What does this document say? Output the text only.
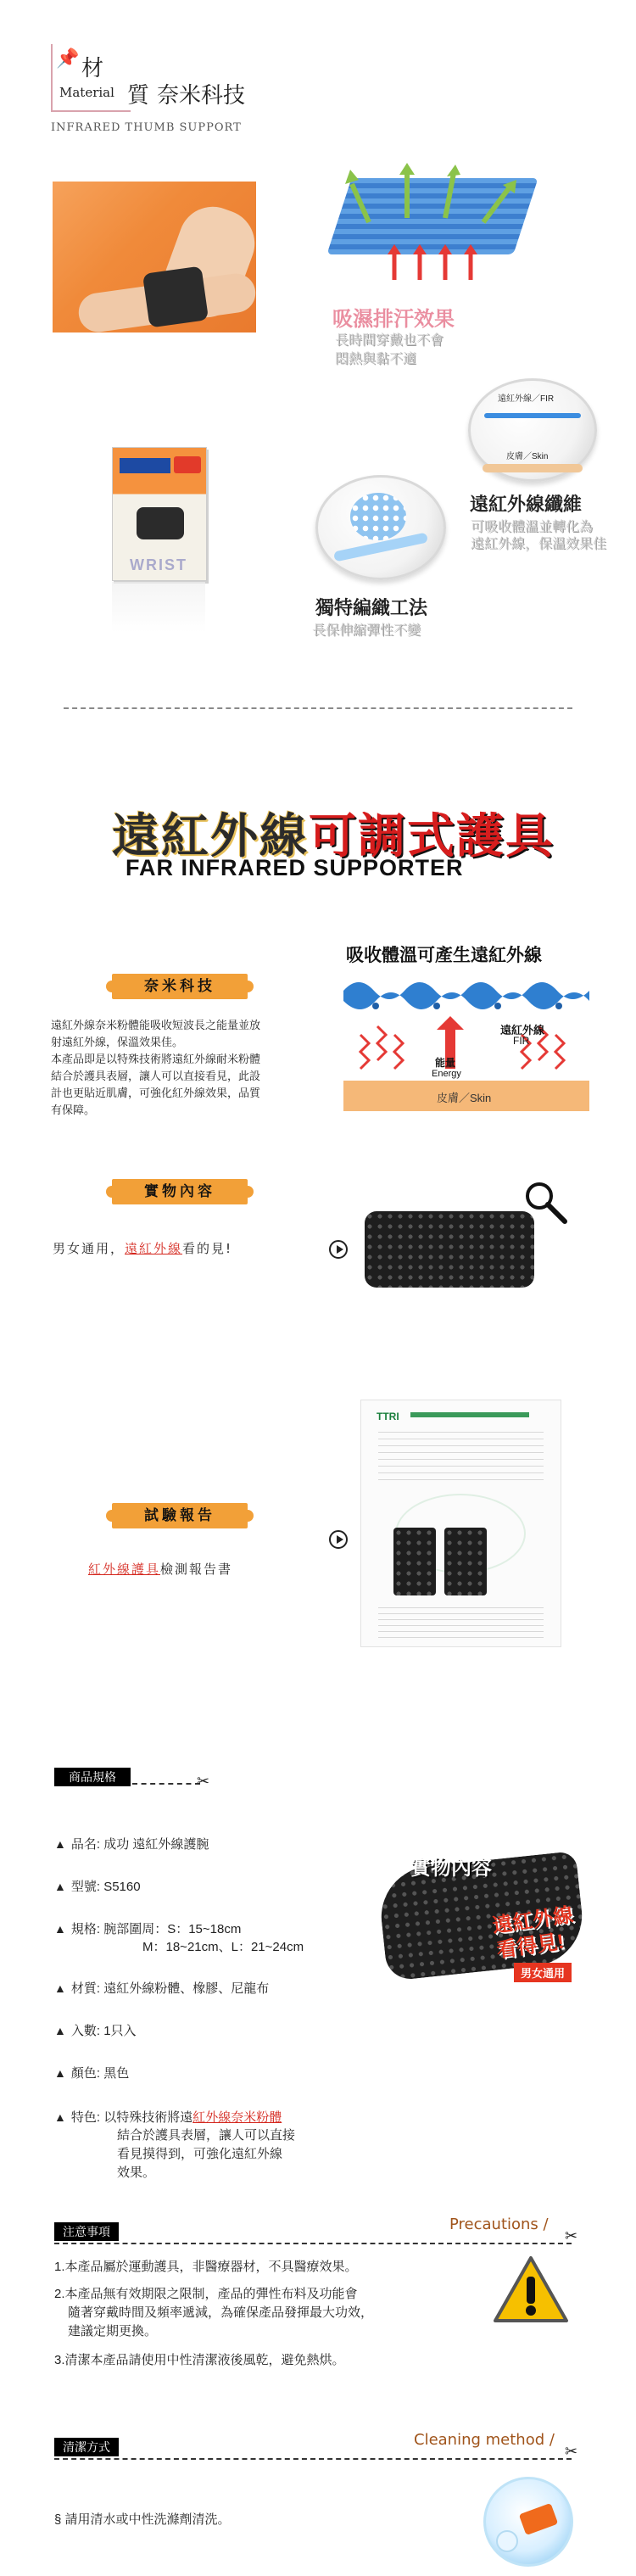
📌 材
Material 質 奈米科技
INFRARED THUMB SUPPORT
吸濕排汗效果
長時間穿戴也不會
悶熱與黏不適
遠紅外線／FIR
皮膚／Skin
遠紅外線纖維
可吸收體溫並轉化為
遠紅外線，保溫效果佳
獨特編織工法
長保伸縮彈性不變
WRIST
遠紅外線可調式護具
FAR INFRARED SUPPORTER
奈米科技
遠紅外線奈米粉體能吸收短波長之能量並放
射遠紅外線，保溫效果佳。
本產品即是以特殊技術將遠紅外線耐米粉體
結合於護具表層，讓人可以直接看見，此設
計也更貼近肌膚，可強化紅外線效果，品質
有保障。
吸收體溫可產生遠紅外線
遠紅外線
FIR
能量
Energy
皮膚／Skin
實物內容
男女通用，遠紅外線看的見!
試驗報告
紅外線護具檢測報告書
TTRI
商品規格	✂
▲ 品名: 成功 遠紅外線護腕
▲ 型號: S5160
▲ 規格: 腕部圍周：S：15~18cm
M：18~21cm、L：21~24cm
▲ 材質: 遠紅外線粉體、橡膠、尼龍布
▲ 入數: 1只入
▲ 顏色: 黑色
▲ 特色: 以特殊技術將遠紅外線奈米粉體
結合於護具表層，讓人可以直接
看見摸得到，可強化遠紅外線
效果。
實物內容
遠紅外線
看得見!
男女通用
注意事項	Precautions /
✂
1.本產品屬於運動護具，非醫療器材，不具醫療效果。
2.本產品無有效期限之限制，產品的彈性布料及功能會
隨著穿戴時間及頻率遞減，為確保產品發揮最大功效，
建議定期更換。
3.清潔本產品請使用中性清潔液後風乾，避免熱烘。
清潔方式	Cleaning method /
✂
§ 請用清水或中性洗滌劑清洗。
